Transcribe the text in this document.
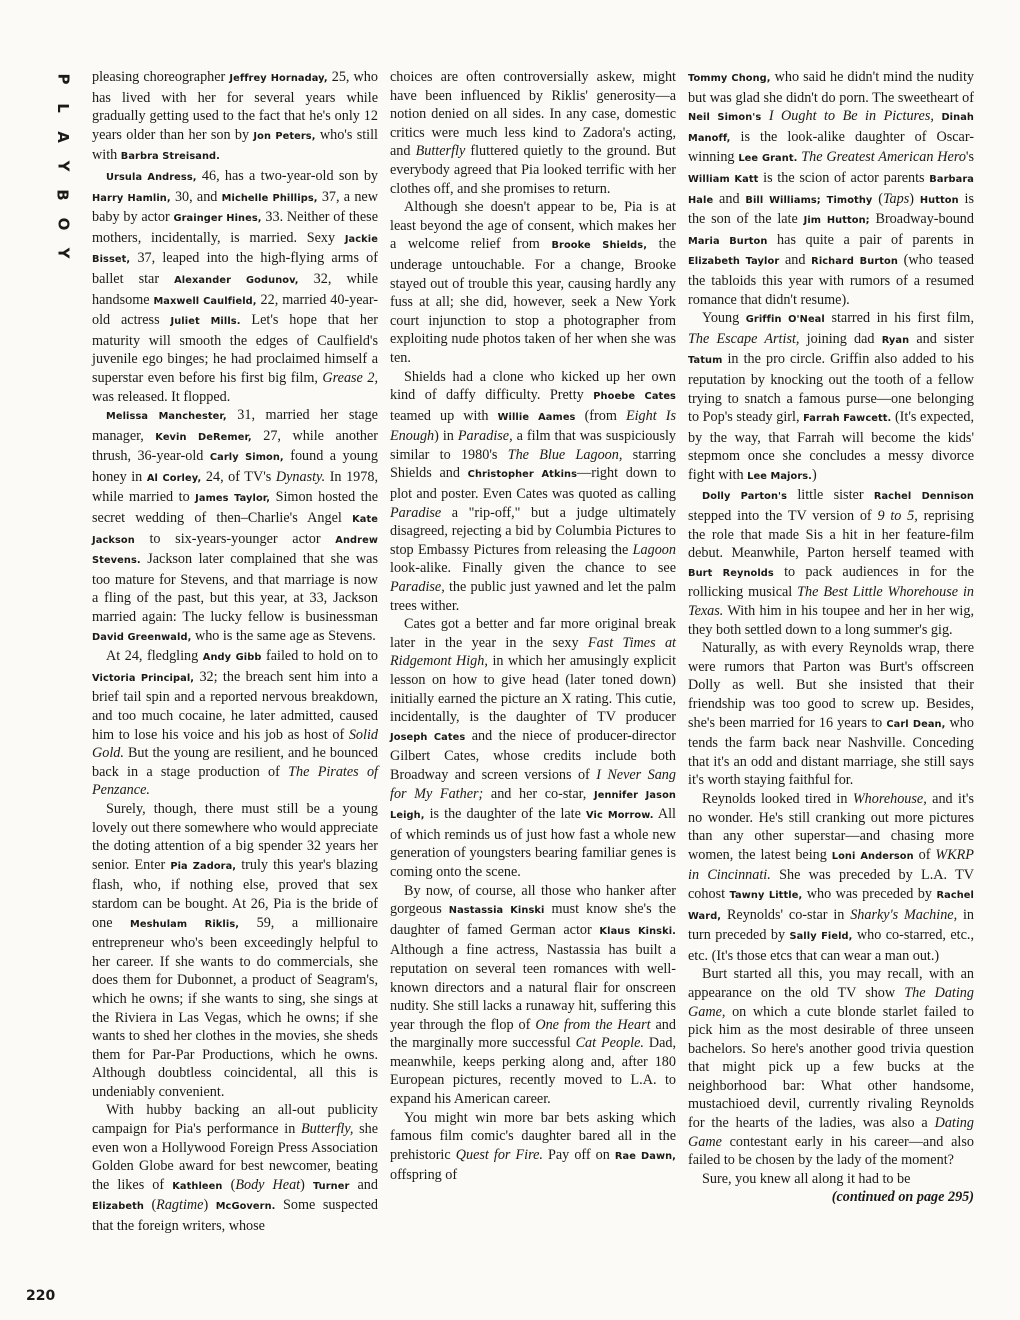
P
L
A
Y
B
O
Y
220

pleasing choreographer Jeffrey Hornaday, 25, who has lived with her for several years while gradually getting used to the fact that he's only 12 years older than her son by Jon Peters, who's still with Barbra Streisand.

Ursula Andress, 46, has a two-year-old son by Harry Hamlin, 30, and Michelle Phillips, 37, a new baby by actor Grainger Hines, 33. Neither of these mothers, incidentally, is married. Sexy Jackie Bisset, 37, leaped into the high-flying arms of ballet star Alexander Godunov, 32, while handsome Maxwell Caulfield, 22, married 40-year-old actress Juliet Mills. Let's hope that her maturity will smooth the edges of Caulfield's juvenile ego binges; he had proclaimed himself a superstar even before his first big film, Grease 2, was released. It flopped.

Melissa Manchester, 31, married her stage manager, Kevin DeRemer, 27, while another thrush, 36-year-old Carly Simon, found a young honey in Al Corley, 24, of TV's Dynasty. In 1978, while married to James Taylor, Simon hosted the secret wedding of then–Charlie's Angel Kate Jackson to six-years-younger actor Andrew Stevens. Jackson later complained that she was too mature for Stevens, and that marriage is now a fling of the past, but this year, at 33, Jackson married again: The lucky fellow is businessman David Greenwald, who is the same age as Stevens.

At 24, fledgling Andy Gibb failed to hold on to Victoria Principal, 32; the breach sent him into a brief tail spin and a reported nervous breakdown, and too much cocaine, he later admitted, caused him to lose his voice and his job as host of Solid Gold. But the young are resilient, and he bounced back in a stage production of The Pirates of Penzance.

Surely, though, there must still be a young lovely out there somewhere who would appreciate the doting attention of a big spender 32 years her senior. Enter Pia Zadora, truly this year's blazing flash, who, if nothing else, proved that sex stardom can be bought. At 26, Pia is the bride of one Meshulam Riklis, 59, a millionaire entrepreneur who's been exceedingly helpful to her career. If she wants to do commercials, she does them for Dubonnet, a product of Seagram's, which he owns; if she wants to sing, she sings at the Riviera in Las Vegas, which he owns; if she wants to shed her clothes in the movies, she sheds them for Par-Par Productions, which he owns. Although doubtless coincidental, all this is undeniably convenient.

With hubby backing an all-out publicity campaign for Pia's performance in Butterfly, she even won a Hollywood Foreign Press Association Golden Globe award for best newcomer, beating the likes of Kathleen (Body Heat) Turner and Elizabeth (Ragtime) McGovern. Some suspected that the foreign writers, whose

choices are often controversially askew, might have been influenced by Riklis' generosity—a notion denied on all sides. In any case, domestic critics were much less kind to Zadora's acting, and Butterfly fluttered quietly to the ground. But everybody agreed that Pia looked terrific with her clothes off, and she promises to return.

Although she doesn't appear to be, Pia is at least beyond the age of consent, which makes her a welcome relief from Brooke Shields, the underage untouchable. For a change, Brooke stayed out of trouble this year, causing hardly any fuss at all; she did, however, seek a New York court injunction to stop a photographer from exploiting nude photos taken of her when she was ten.

Shields had a clone who kicked up her own kind of daffy difficulty. Pretty Phoebe Cates teamed up with Willie Aames (from Eight Is Enough) in Paradise, a film that was suspiciously similar to 1980's The Blue Lagoon, starring Shields and Christopher Atkins—right down to plot and poster. Even Cates was quoted as calling Paradise a "rip-off," but a judge ultimately disagreed, rejecting a bid by Columbia Pictures to stop Embassy Pictures from releasing the Lagoon look-alike. Finally given the chance to see Paradise, the public just yawned and let the palm trees wither.

Cates got a better and far more original break later in the year in the sexy Fast Times at Ridgemont High, in which her amusingly explicit lesson on how to give head (later toned down) initially earned the picture an X rating. This cutie, incidentally, is the daughter of TV producer Joseph Cates and the niece of producer-director Gilbert Cates, whose credits include both Broadway and screen versions of I Never Sang for My Father; and her co-star, Jennifer Jason Leigh, is the daughter of the late Vic Morrow. All of which reminds us of just how fast a whole new generation of youngsters bearing familiar genes is coming onto the scene.

By now, of course, all those who hanker after gorgeous Nastassia Kinski must know she's the daughter of famed German actor Klaus Kinski. Although a fine actress, Nastassia has built a reputation on several teen romances with well-known directors and a natural flair for onscreen nudity. She still lacks a runaway hit, suffering this year through the flop of One from the Heart and the marginally more successful Cat People. Dad, meanwhile, keeps perking along and, after 180 European pictures, recently moved to L.A. to expand his American career.

You might win more bar bets asking which famous film comic's daughter bared all in the prehistoric Quest for Fire. Pay off on Rae Dawn, offspring of

Tommy Chong, who said he didn't mind the nudity but was glad she didn't do porn. The sweetheart of Neil Simon's I Ought to Be in Pictures, Dinah Manoff, is the look-alike daughter of Oscar-winning Lee Grant. The Greatest American Hero's William Katt is the scion of actor parents Barbara Hale and Bill Williams; Timothy (Taps) Hutton is the son of the late Jim Hutton; Broadway-bound Maria Burton has quite a pair of parents in Elizabeth Taylor and Richard Burton (who teased the tabloids this year with rumors of a resumed romance that didn't resume).

Young Griffin O'Neal starred in his first film, The Escape Artist, joining dad Ryan and sister Tatum in the pro circle. Griffin also added to his reputation by knocking out the tooth of a fellow trying to snatch a famous purse—one belonging to Pop's steady girl, Farrah Fawcett. (It's expected, by the way, that Farrah will become the kids' stepmom once she concludes a messy divorce fight with Lee Majors.)

Dolly Parton's little sister Rachel Dennison stepped into the TV version of 9 to 5, reprising the role that made Sis a hit in her feature-film debut. Meanwhile, Parton herself teamed with Burt Reynolds to pack audiences in for the rollicking musical The Best Little Whorehouse in Texas. With him in his toupee and her in her wig, they both settled down to a long summer's gig.

Naturally, as with every Reynolds wrap, there were rumors that Parton was Burt's offscreen Dolly as well. But she insisted that their friendship was too good to screw up. Besides, she's been married for 16 years to Carl Dean, who tends the farm back near Nashville. Conceding that it's an odd and distant marriage, she still says it's worth staying faithful for.

Reynolds looked tired in Whorehouse, and it's no wonder. He's still cranking out more pictures than any other superstar—and chasing more women, the latest being Loni Anderson of WKRP in Cincinnati. She was preceded by L.A. TV cohost Tawny Little, who was preceded by Rachel Ward, Reynolds' co-star in Sharky's Machine, in turn preceded by Sally Field, who co-starred, etc., etc. (It's those etcs that can wear a man out.)

Burt started all this, you may recall, with an appearance on the old TV show The Dating Game, on which a cute blonde starlet failed to pick him as the most desirable of three unseen bachelors. So here's another good trivia question that might pick up a few bucks at the neighborhood bar: What other handsome, mustachioed devil, currently rivaling Reynolds for the hearts of the ladies, was also a Dating Game contestant early in his career—and also failed to be chosen by the lady of the moment?

Sure, you knew all along it had to be

(continued on page 295)
